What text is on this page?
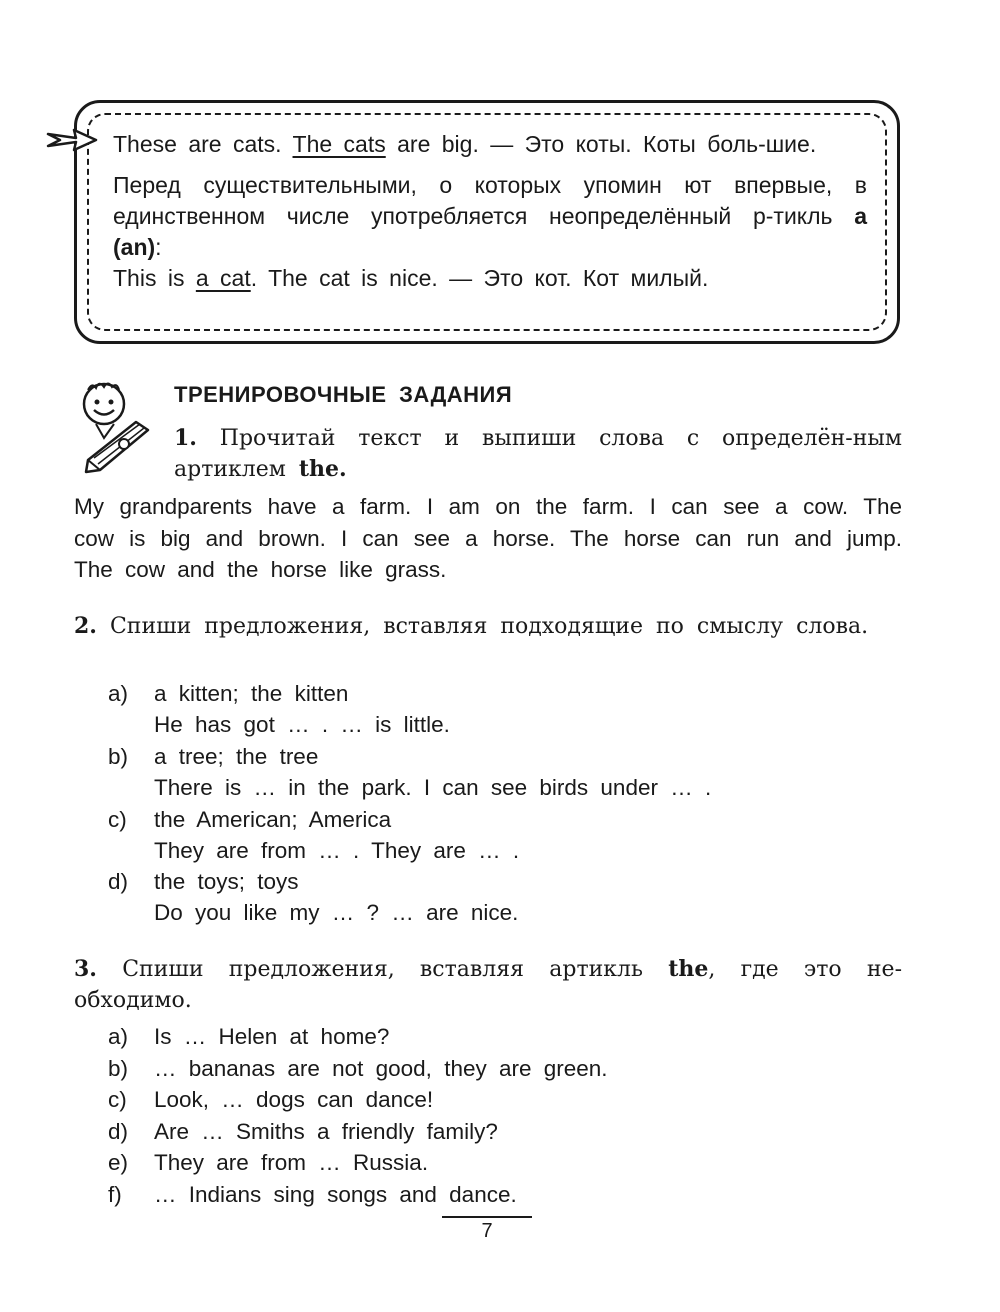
These are cats. The cats are big. — Это коты. Коты боль-шие.

Перед существительными, о которых упомин ют впервые, в единственном числе употребляется неопределённый р-тикль a (an):

This is a cat. The cat is nice. — Это кот. Кот милый.

ТРЕНИРОВОЧНЫЕ ЗАДАНИЯ
1. Прочитай текст и выпиши слова с определён-ным артиклем the.
My grandparents have a farm. I am on the farm. I can see a cow. The cow is big and brown. I can see a horse. The horse can run and jump. The cow and the horse like grass.
2. Спиши предложения, вставляя подходящие по смыслу слова.
a) a kitten; the kitten
He has got … . … is little.
b) a tree; the tree
There is … in the park. I can see birds under … .
c) the American; America
They are from … . They are … .
d) the toys; toys
Do you like my … ? … are nice.
3. Спиши предложения, вставляя артикль the, где это не-обходимо.
a) Is … Helen at home?
b) … bananas are not good, they are green.
c) Look, … dogs can dance!
d) Are … Smiths a friendly family?
e) They are from … Russia.
f) … Indians sing songs and dance.
7
